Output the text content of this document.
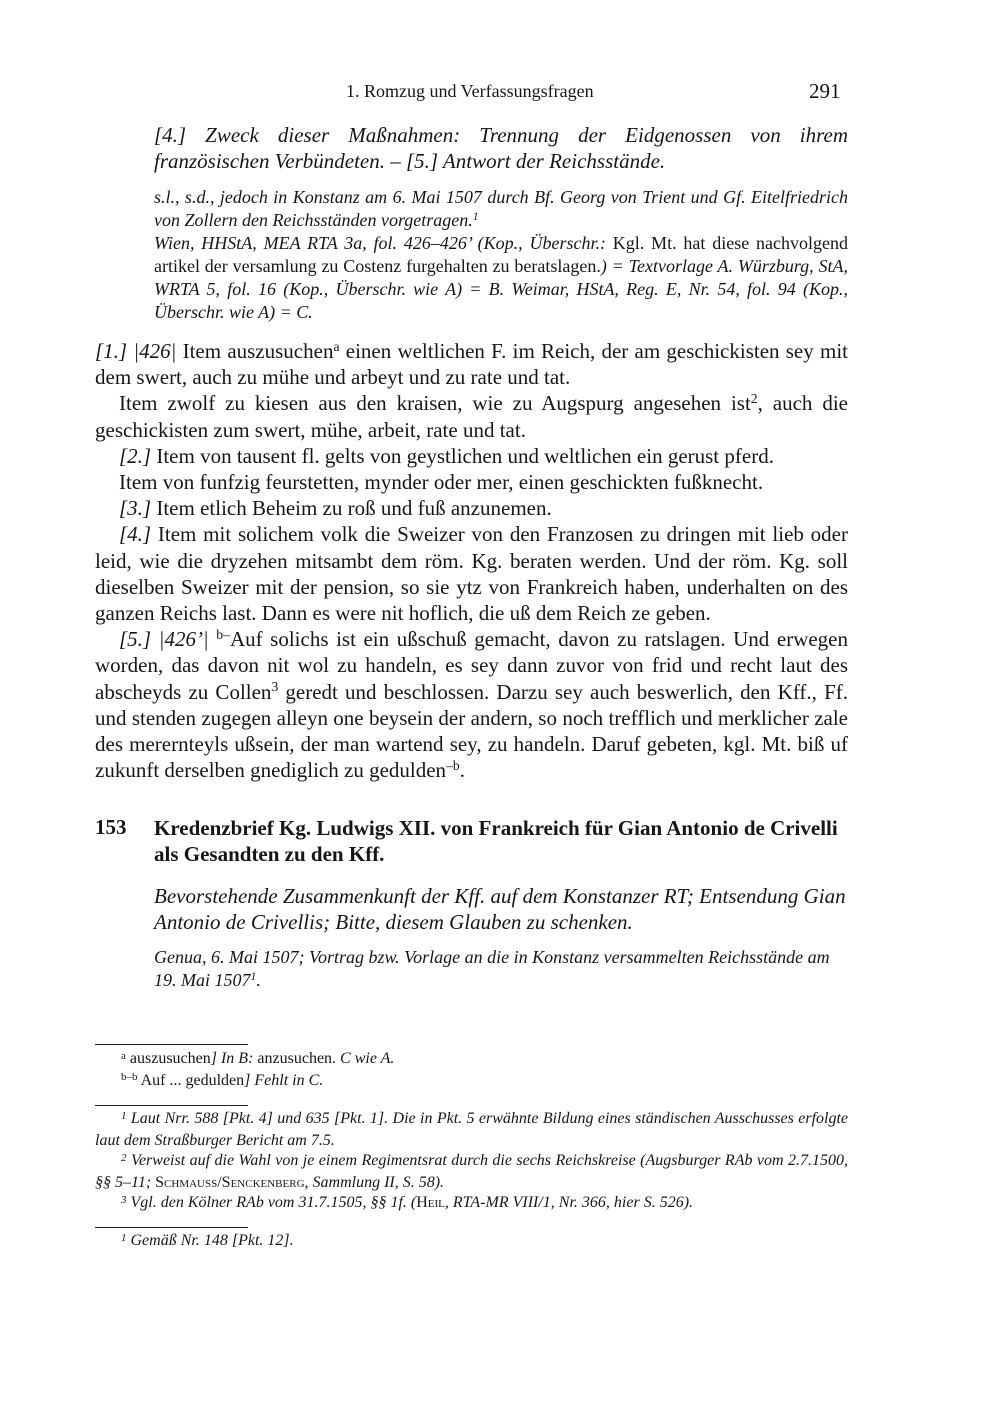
1. Romzug und Verfassungsfragen	291
[4.] Zweck dieser Maßnahmen: Trennung der Eidgenossen von ihrem französischen Verbündeten. – [5.] Antwort der Reichsstände.
s.l., s.d., jedoch in Konstanz am 6. Mai 1507 durch Bf. Georg von Trient und Gf. Eitelfriedrich von Zollern den Reichsständen vorgetragen.$^1$
Wien, HHStA, MEA RTA 3a, fol. 426–426’ (Kop., Überschr.: Kgl. Mt. hat diese nachvolgend artikel der versamlung zu Costenz furgehalten zu beratslagen.) = Textvorlage A. Würzburg, StA, WRTA 5, fol. 16 (Kop., Überschr. wie A) = B. Weimar, HStA, Reg. E, Nr. 54, fol. 94 (Kop., Überschr. wie A) = C.

[1.] |426| Item auszusuchen$^a$ einen weltlichen F. im Reich, der am geschickisten sey mit dem swert, auch zu mühe und arbeyt und zu rate und tat.

Item zwolf zu kiesen aus den kraisen, wie zu Augspurg angesehen ist$^2$, auch die geschickisten zum swert, mühe, arbeit, rate und tat.

[2.] Item von tausent fl. gelts von geystlichen und weltlichen ein gerust pferd.

Item von funfzig feurstetten, mynder oder mer, einen geschickten fußknecht.

[3.] Item etlich Beheim zu roß und fuß anzunemen.

[4.] Item mit solichem volk die Sweizer von den Franzosen zu dringen mit lieb oder leid, wie die dryzehen mitsambt dem röm. Kg. beraten werden. Und der röm. Kg. soll dieselben Sweizer mit der pension, so sie ytz von Frankreich haben, underhalten on des ganzen Reichs last. Dann es were nit hoflich, die uß dem Reich ze geben.

[5.] |426’| $^{b-}$Auf solichs ist ein ußschuß gemacht, davon zu ratslagen. Und erwegen worden, das davon nit wol zu handeln, es sey dann zuvor von frid und recht laut des abscheyds zu Collen$^3$ geredt und beschlossen. Darzu sey auch beswerlich, den Kff., Ff. und stenden zugegen alleyn one beysein der andern, so noch trefflich und merklicher zale des merernteyls ußsein, der man wartend sey, zu handeln. Daruf gebeten, kgl. Mt. biß uf zukunft derselben gnediglich zu gedulden$^{-b}$.

153 Kredenzbrief Kg. Ludwigs XII. von Frankreich für Gian Antonio de Crivelli als Gesandten zu den Kff.
Bevorstehende Zusammenkunft der Kff. auf dem Konstanzer RT; Entsendung Gian Antonio de Crivellis; Bitte, diesem Glauben zu schenken.
Genua, 6. Mai 1507; Vortrag bzw. Vorlage an die in Konstanz versammelten Reichsstände am 19. Mai 1507$^1$.

$^a$ auszusuchen] In B: anzusuchen. C wie A.

$^{b-b}$ Auf ... gedulden] Fehlt in C.

$^1$ Laut Nrr. 588 [Pkt. 4] und 635 [Pkt. 1]. Die in Pkt. 5 erwähnte Bildung eines ständischen Ausschusses erfolgte laut dem Straßburger Bericht am 7.5.

$^2$ Verweist auf die Wahl von je einem Regimentsrat durch die sechs Reichskreise (Augsburger RAb vom 2.7.1500, §§ 5–11; Schmauss/Senckenberg, Sammlung II, S. 58).

$^3$ Vgl. den Kölner RAb vom 31.7.1505, §§ 1f. (Heil, RTA-MR VIII/1, Nr. 366, hier S. 526).

$^1$ Gemäß Nr. 148 [Pkt. 12].
